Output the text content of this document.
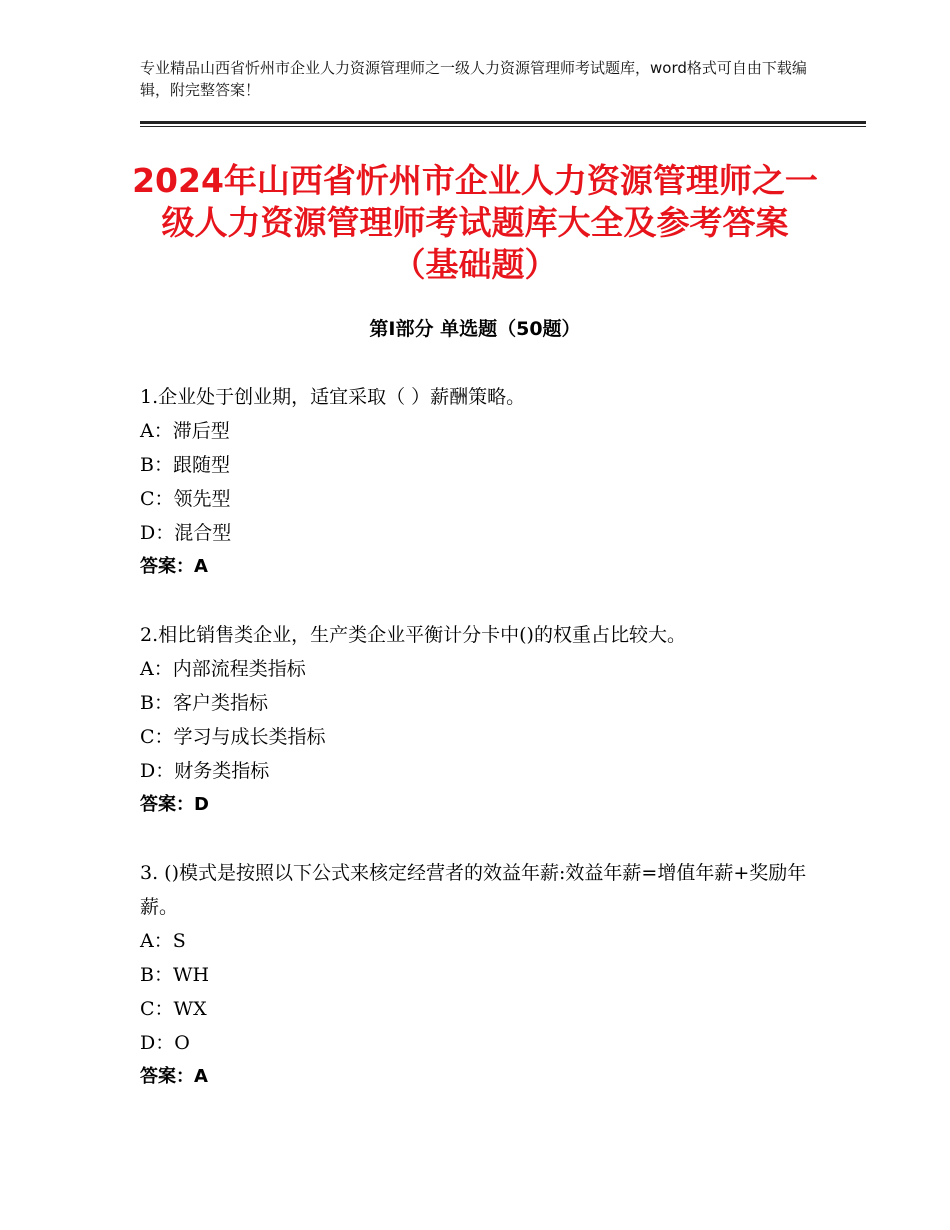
专业精品山西省忻州市企业人力资源管理师之一级人力资源管理师考试题库，word格式可自由下载编辑，附完整答案！
2024年山西省忻州市企业人力资源管理师之一级人力资源管理师考试题库大全及参考答案（基础题）
第Ⅰ部分 单选题（50题）
1.企业处于创业期，适宜采取（ ）薪酬策略。
A：滞后型
B：跟随型
C：领先型
D：混合型
答案：A
2.相比销售类企业，生产类企业平衡计分卡中()的权重占比较大。
A：内部流程类指标
B：客户类指标
C：学习与成长类指标
D：财务类指标
答案：D
3. ()模式是按照以下公式来核定经营者的效益年薪:效益年薪=增值年薪+奖励年薪。
A：S
B：WH
C：WX
D：O
答案：A
